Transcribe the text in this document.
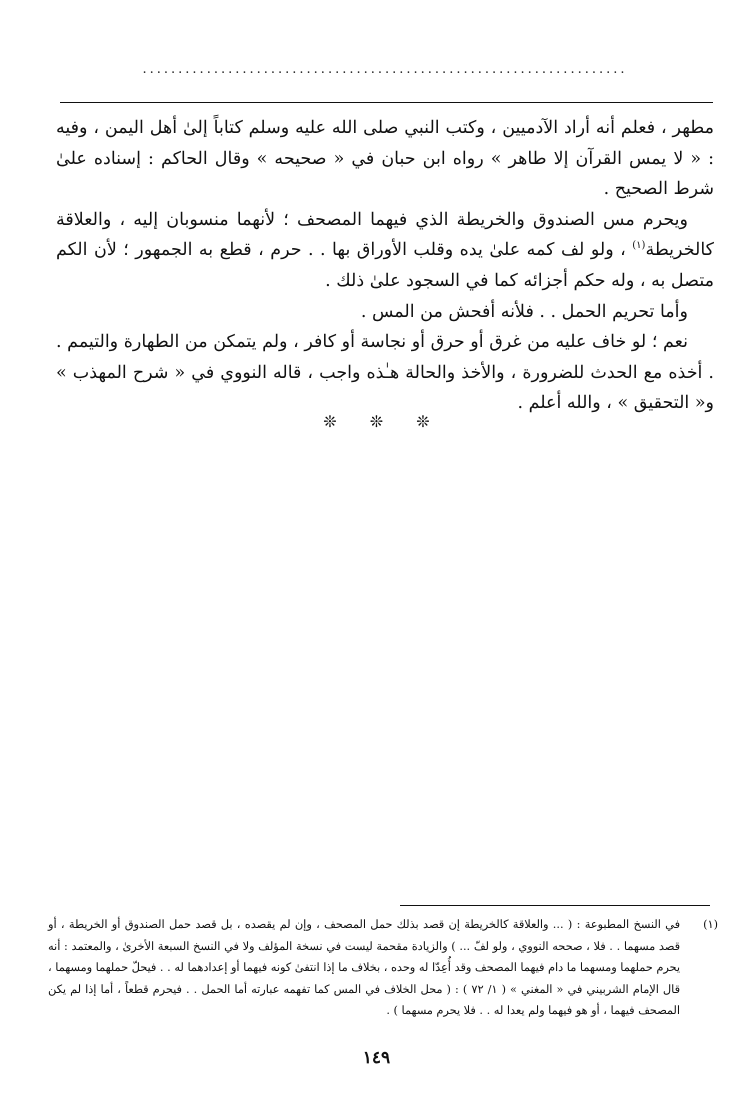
....................................................................

مطهر ، فعلم أنه أراد الآدميين ، وكتب النبي صلى الله عليه وسلم كتاباً إلىٰ أهل اليمن ، وفيه : « لا يمس القرآن إلا طاهر » رواه ابن حبان في « صحيحه » وقال الحاكم : إسناده علىٰ شرط الصحيح .

ويحرم مس الصندوق والخريطة الذي فيهما المصحف ؛ لأنهما منسوبان إليه ، والعلاقة كالخريطة$^{(١)}$ ، ولو لف كمه علىٰ يده وقلب الأوراق بها . . حرم ، قطع به الجمهور ؛ لأن الكم متصل به ، وله حكم أجزائه كما في السجود علىٰ ذلك .

وأما تحريم الحمل . . فلأنه أفحش من المس .

نعم ؛ لو خاف عليه من غرق أو حرق أو نجاسة أو كافر ، ولم يتمكن من الطهارة والتيمم . . أخذه مع الحدث للضرورة ، والأخذ والحالة هـٰذه واجب ، قاله النووي في « شرح المهذب » و« التحقيق » ، والله أعلم .

❊ ❊ ❊
(١)
في النسخ المطبوعة : ( ... والعلاقة كالخريطة إن قصد بذلك حمل المصحف ، وإن لم يقصده ، بل قصد حمل الصندوق أو الخريطة ، أو قصد مسهما . . فلا ، صححه النووي ، ولو لفّ ... ) والزيادة مقحمة ليست في نسخة المؤلف ولا في النسخ السبعة الأخرىٰ ، والمعتمد : أنه يحرم حملهما ومسهما ما دام فيهما المصحف وقد أُعِدّا له وحده ، بخلاف ما إذا انتفىٰ كونه فيهما أو إعدادهما له . . فيحلّ حملهما ومسهما ، قال الإمام الشربيني في « المغني » ( ١/ ٧٢ ) : ( محل الخلاف في المس كما تفهمه عبارته أما الحمل . . فيحرم قطعاً ، أما إذا لم يكن المصحف فيهما ، أو هو فيهما ولم يعدا له . . فلا يحرم مسهما ) .
١٤٩
